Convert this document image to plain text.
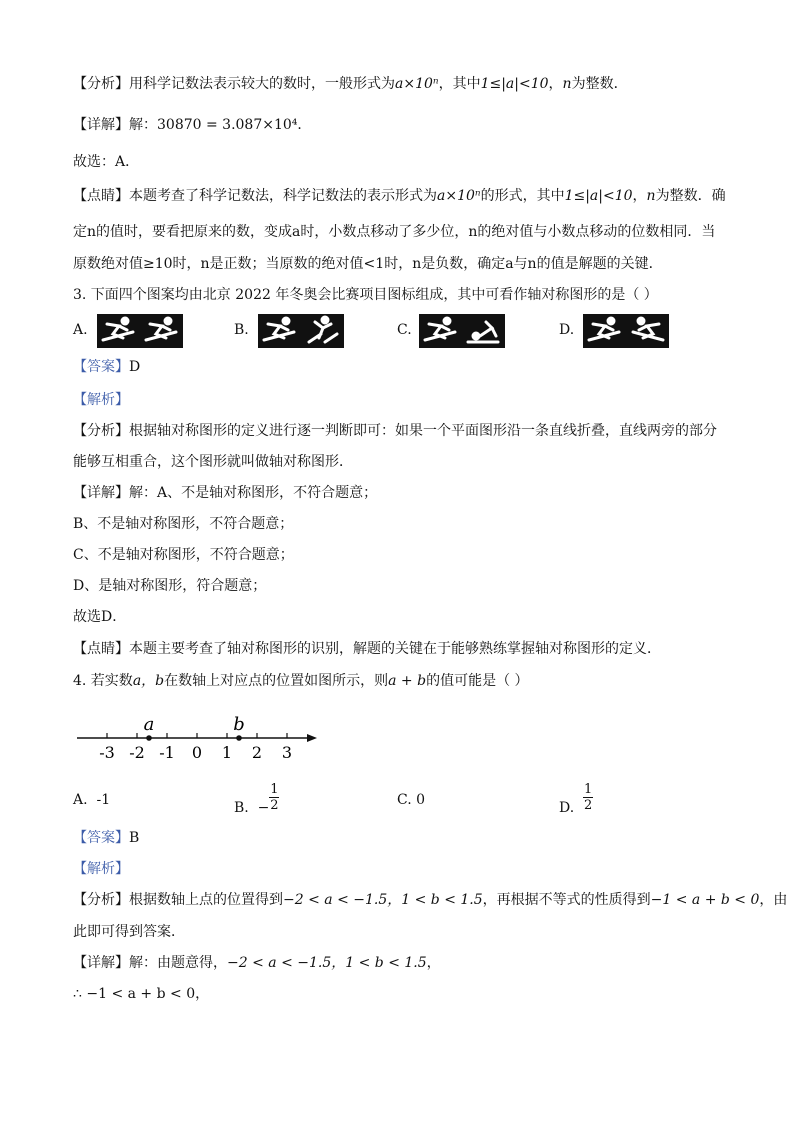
【分析】用科学记数法表示较大的数时，一般形式为a×10ⁿ，其中1≤|a|<10，n为整数．
【详解】解：30870 = 3.087×10⁴．
故选：A．
【点睛】本题考查了科学记数法，科学记数法的表示形式为a×10ⁿ的形式，其中1≤|a|<10，n为整数．确
定n的值时，要看把原来的数，变成a时，小数点移动了多少位，n的绝对值与小数点移动的位数相同．当
原数绝对值≥10时，n是正数；当原数的绝对值<1时，n是负数，确定a与n的值是解题的关键．
3. 下面四个图案均由北京 2022 年冬奥会比赛项目图标组成，其中可看作轴对称图形的是（ ）
A.	B.	C.	D.
【答案】D
【解析】
【分析】根据轴对称图形的定义进行逐一判断即可：如果一个平面图形沿一条直线折叠，直线两旁的部分
能够互相重合，这个图形就叫做轴对称图形．
【详解】解：A、不是轴对称图形，不符合题意；
B、不是轴对称图形，不符合题意；
C、不是轴对称图形，不符合题意；
D、是轴对称图形，符合题意；
故选D．
【点睛】本题主要考查了轴对称图形的识别，解题的关键在于能够熟练掌握轴对称图形的定义．
4. 若实数a，b在数轴上对应点的位置如图所示，则a + b的值可能是（ ）
-3 -2 -1 0 1 2 3
a	b
A. -1	B. − $\frac{1}{2}$	C. 0	D. $\frac{1}{2}$
【答案】B
【解析】
【分析】根据数轴上点的位置得到−2 < a < −1.5，1 < b < 1.5，再根据不等式的性质得到−1 < a + b < 0，由
此即可得到答案．
【详解】解：由题意得，−2 < a < −1.5，1 < b < 1.5，
∴ −1 < a + b < 0，
